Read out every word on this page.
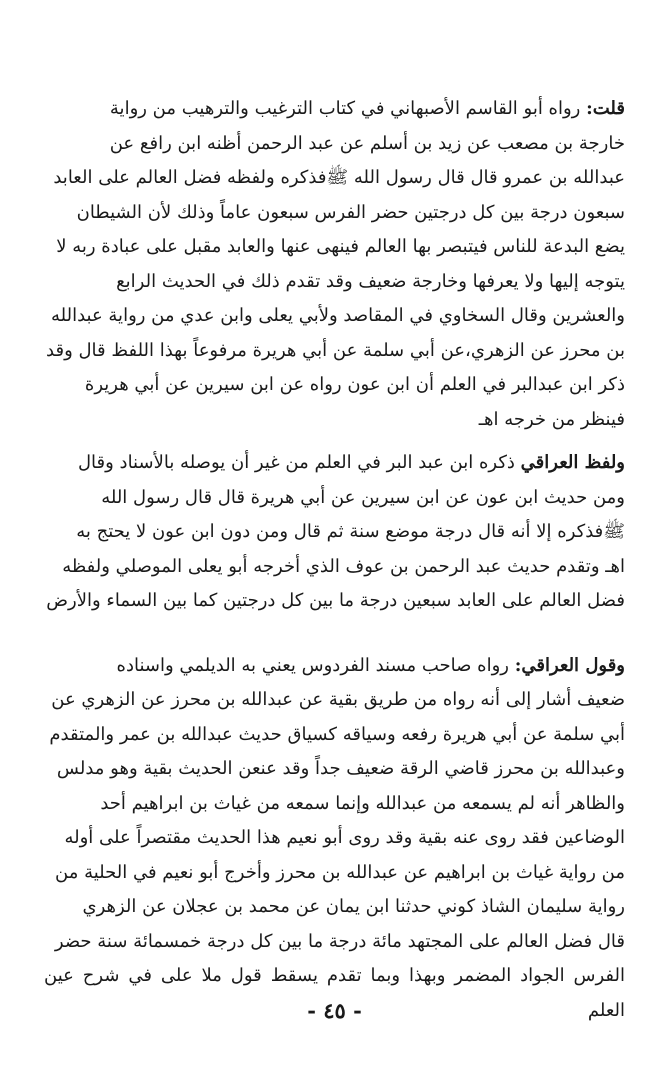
قلت: رواه أبو القاسم الأصبهاني في كتاب الترغيب والترهيب من رواية
خارجة بن مصعب عن زيد بن أسلم عن عبد الرحمن أظنه ابن رافع عن
عبدالله بن عمرو قال قال رسول الله ﷺفذكره ولفظه فضل العالم على العابد
سبعون درجة بين كل درجتين حضر الفرس سبعون عاماً وذلك لأن الشيطان
يضع البدعة للناس فيتبصر بها العالم فينهى عنها والعابد مقبل على عبادة ربه لا
يتوجه إليها ولا يعرفها وخارجة ضعيف وقد تقدم ذلك في الحديث الرابع
والعشرين وقال السخاوي في المقاصد ولأبي يعلى وابن عدي من رواية عبدالله
بن محرز عن الزهري،عن أبي سلمة عن أبي هريرة مرفوعاً بهذا اللفظ قال وقد
ذكر ابن عبدالبر في العلم أن ابن عون رواه عن ابن سيرين عن أبي هريرة
فينظر من خرجه اهـ

ولفظ العراقي ذكره ابن عبد البر في العلم من غير أن يوصله بالأسناد وقال
ومن حديث ابن عون عن ابن سيرين عن أبي هريرة قال قال رسول الله
ﷺفذكره إلا أنه قال درجة موضع سنة ثم قال ومن دون ابن عون لا يحتج به
اهـ وتقدم حديث عبد الرحمن بن عوف الذي أخرجه أبو يعلى الموصلي ولفظه
فضل العالم على العابد سبعين درجة ما بين كل درجتين كما بين السماء والأرض

وقول العراقي: رواه صاحب مسند الفردوس يعني به الديلمي واسناده
ضعيف أشار إلى أنه رواه من طريق بقية عن عبدالله بن محرز عن الزهري عن
أبي سلمة عن أبي هريرة رفعه وسياقه كسياق حديث عبدالله بن عمر والمتقدم
وعبدالله بن محرز قاضي الرقة ضعيف جداً وقد عنعن الحديث بقية وهو مدلس
والظاهر أنه لم يسمعه من عبدالله وإنما سمعه من غياث بن ابراهيم أحد
الوضاعين فقد روى عنه بقية وقد روى أبو نعيم هذا الحديث مقتصراً على أوله
من رواية غياث بن ابراهيم عن عبدالله بن محرز وأخرج أبو نعيم في الحلية من
رواية سليمان الشاذ كوني حدثنا ابن يمان عن محمد بن عجلان عن الزهري
قال فضل العالم على المجتهد مائة درجة ما بين كل درجة خمسمائة سنة حضر
الفرس الجواد المضمر وبهذا وبما تقدم يسقط قول ملا على في شرح عين العلم

- ٤٥ -
